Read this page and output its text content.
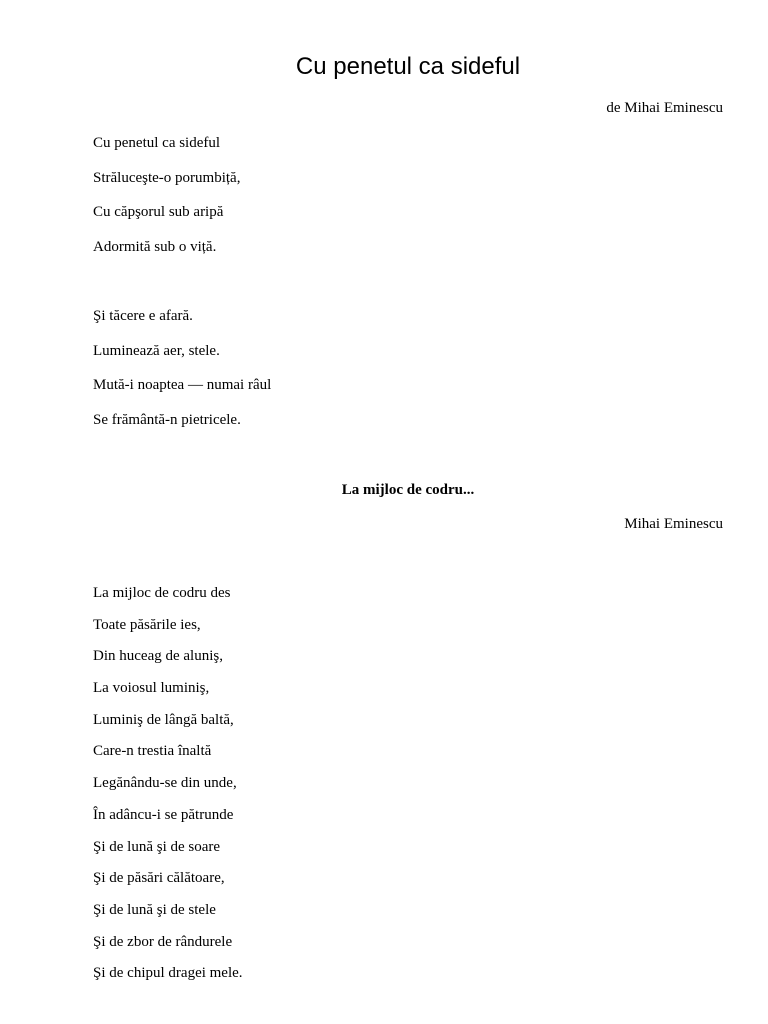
Cu penetul ca sideful
de Mihai Eminescu
Cu penetul ca sideful
Străluceşte-o porumbiță,
Cu căpşorul sub aripă
Adormită sub o viță.
Şi tăcere e afară.
Luminează aer, stele.
Mută-i noaptea — numai râul
Se frământă-n pietricele.
La mijloc de codru...
Mihai Eminescu
La mijloc de codru des
Toate păsările ies,
Din huceag de aluniş,
La voiosul luminiş,
Luminiş de lângă baltă,
Care-n trestia înaltă
Legănându-se din unde,
În adâncu-i se pătrunde
Şi de lună şi de soare
Şi de păsări călătoare,
Şi de lună şi de stele
Şi de zbor de rândurele
Şi de chipul dragei mele.
